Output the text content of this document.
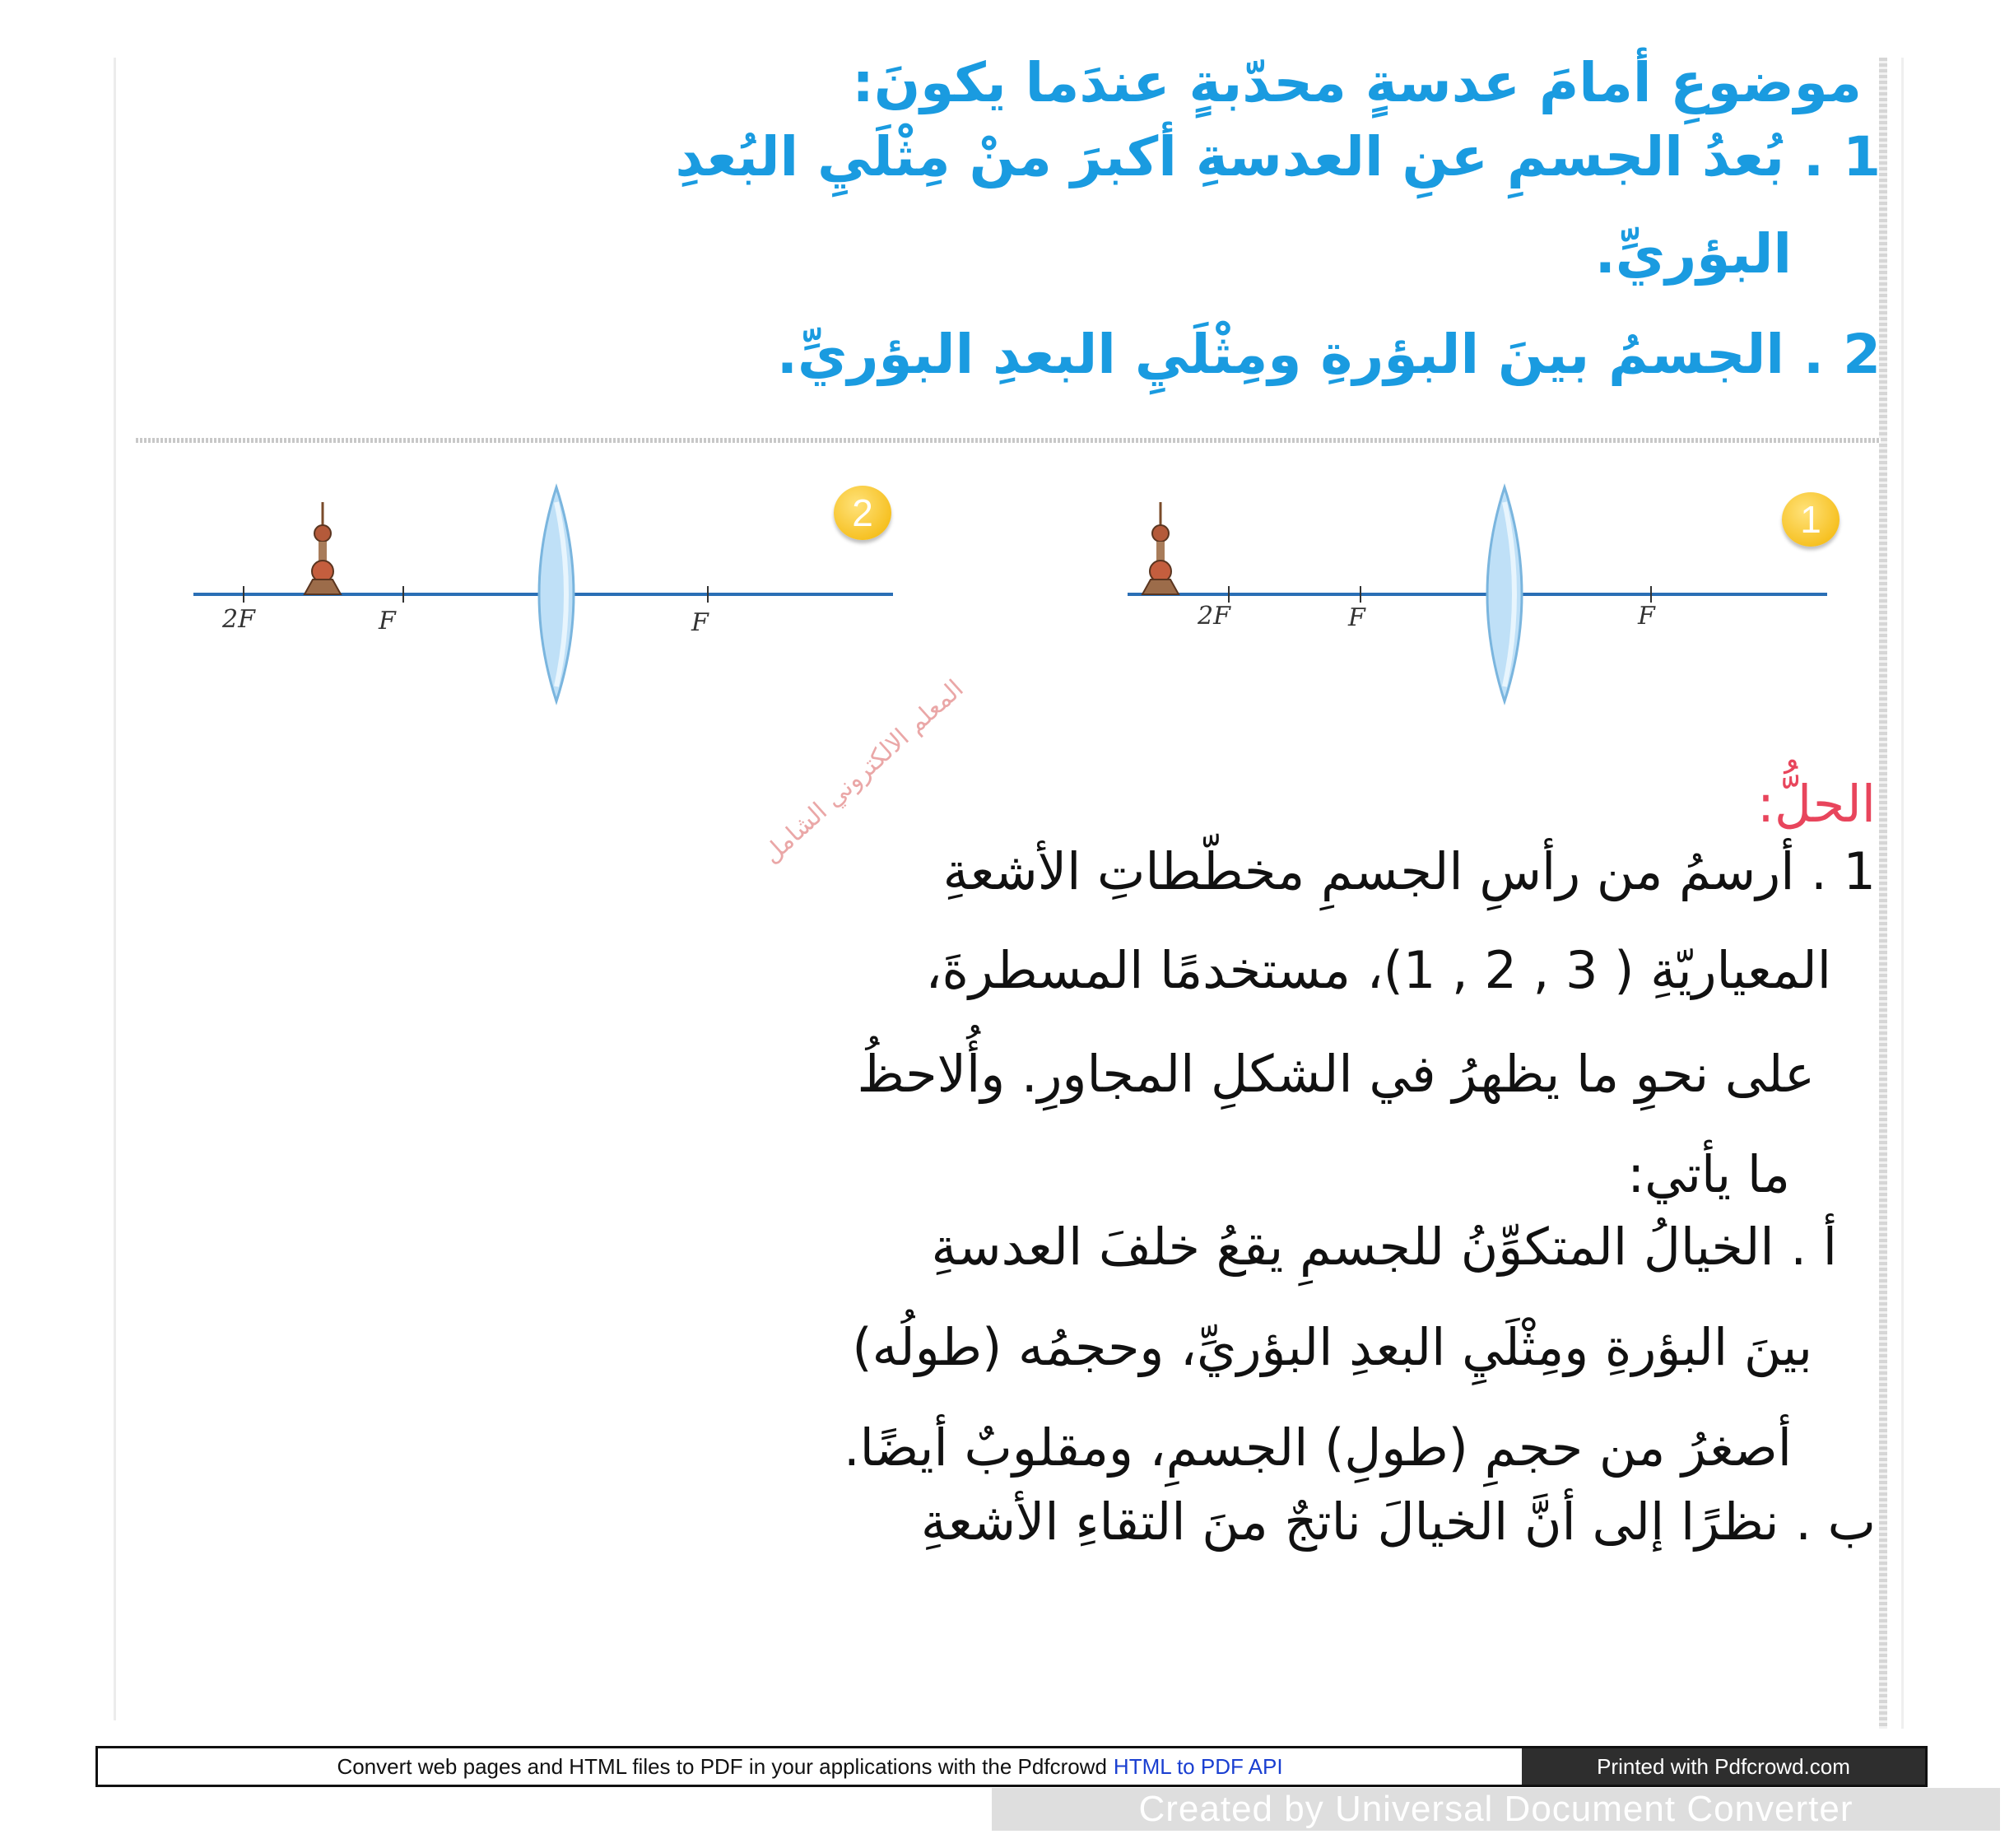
موضوعِ أمامَ عدسةٍ محدّبةٍ عندَما يكونَ:

1 . بُعدُ الجسمِ عنِ العدسةِ أكبرَ منْ مِثْلَيِ البُعدِ

البؤريِّ.

2 . الجسمُ بينَ البؤرةِ ومِثْلَيِ البعدِ البؤريِّ.

2F	F	F
2
2F	F	F
1

الحلُّ:

1 . أرسمُ من رأسِ الجسمِ مخطّطاتِ الأشعةِ

المعياريّةِ ( 3 , 2 , 1)، مستخدمًا المسطرةَ،

على نحوِ ما يظهرُ في الشكلِ المجاورِ. وأُلاحظُ

ما يأتي:

أ . الخيالُ المتكوِّنُ للجسمِ يقعُ خلفَ العدسةِ

بينَ البؤرةِ ومِثْلَيِ البعدِ البؤريِّ، وحجمُه (طولُه)

أصغرُ من حجمِ (طولِ) الجسمِ، ومقلوبٌ أيضًا.

ب . نظرًا إلى أنَّ الخيالَ ناتجٌ منَ التقاءِ الأشعةِ

المعلم الالكتروني الشامل
Convert web pages and HTML files to PDF in your applications with the Pdfcrowd HTML to PDF API	Printed with Pdfcrowd.com
Created by Universal Document Converter
